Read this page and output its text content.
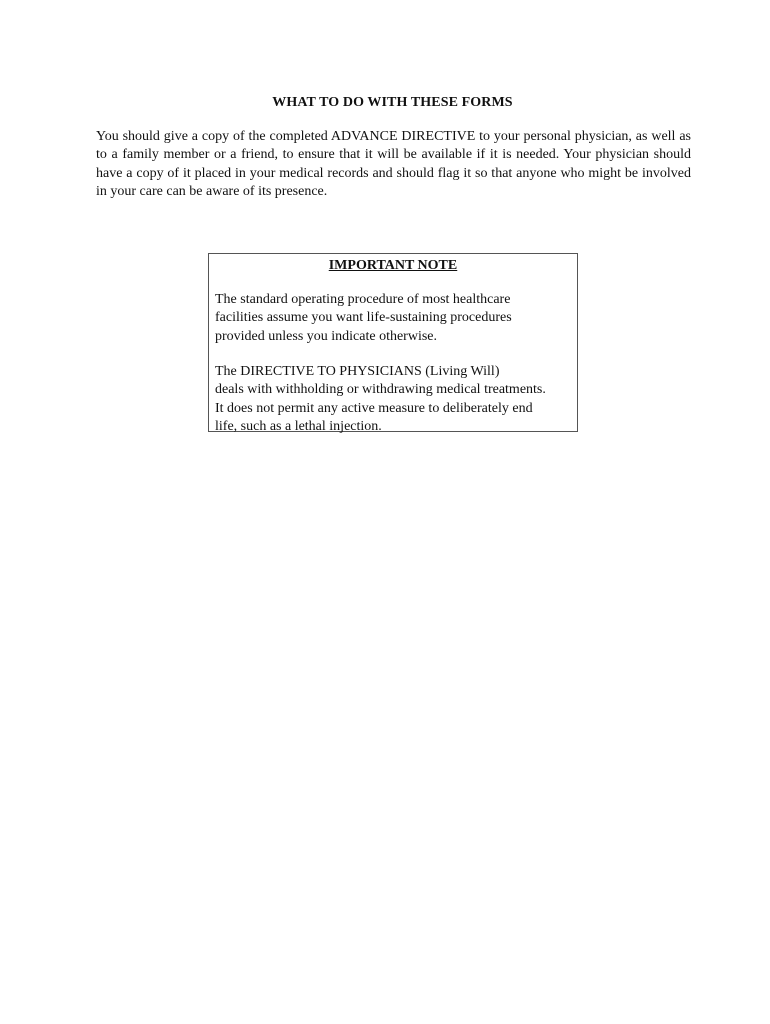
WHAT TO DO WITH THESE FORMS

You should give a copy of the completed ADVANCE DIRECTIVE to your personal physician, as well as to a family member or a friend, to ensure that it will be available if it is needed. Your physician should have a copy of it placed in your medical records and should flag it so that anyone who might be involved in your care can be aware of its presence.

IMPORTANT NOTE

The standard operating procedure of most healthcare
facilities assume you want life-sustaining procedures
provided unless you indicate otherwise.

The DIRECTIVE TO PHYSICIANS (Living Will)
deals with withholding or withdrawing medical treatments.
It does not permit any active measure to deliberately end
life, such as a lethal injection.
